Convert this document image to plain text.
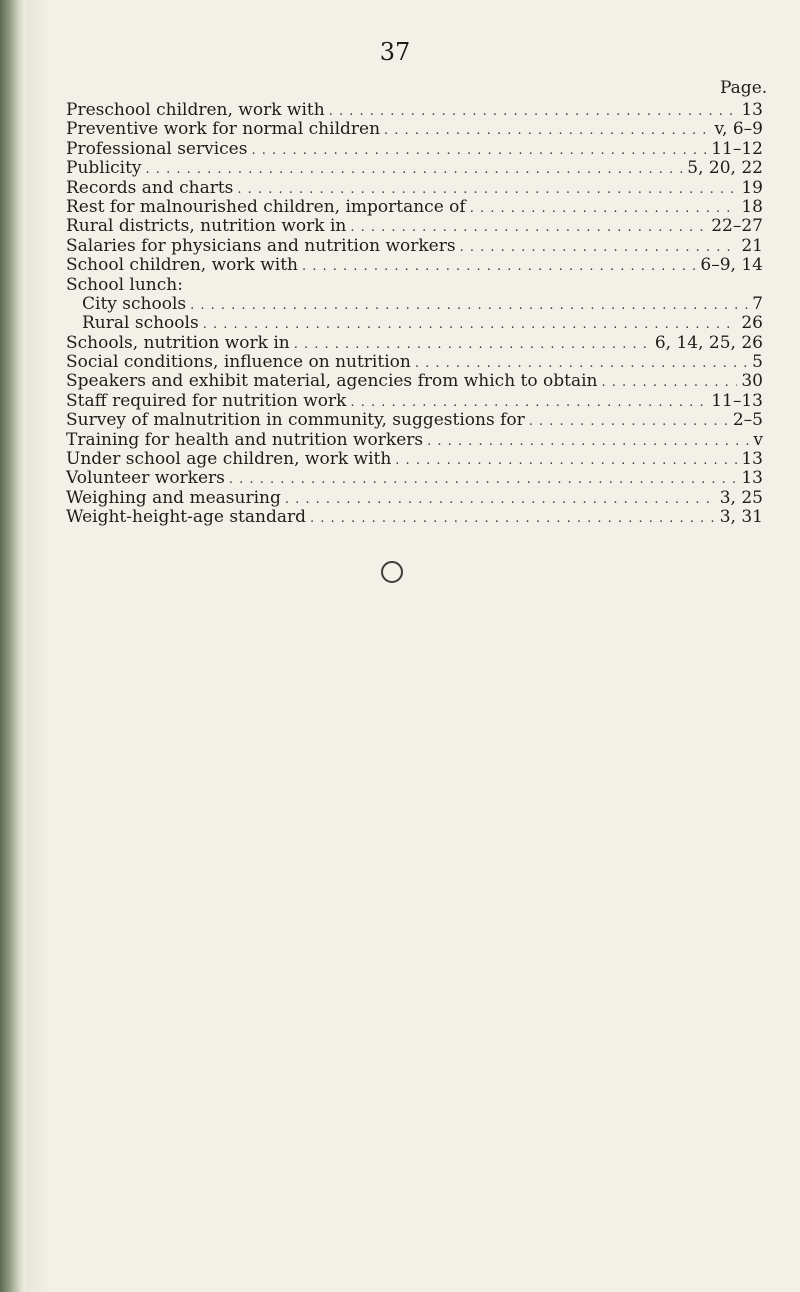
37
Page.
Preschool children, work with . . .	13
Preventive work for normal children . . .	v, 6–9
Professional services . . .	11–12
Publicity . . .	5, 20, 22
Records and charts . . .	19
Rest for malnourished children, importance of . . .	18
Rural districts, nutrition work in . . .	22–27
Salaries for physicians and nutrition workers . . .	21
School children, work with . . .	6–9, 14
School lunch:
City schools . . .	7
Rural schools . . .	26
Schools, nutrition work in . . .	6, 14, 25, 26
Social conditions, influence on nutrition . . .	5
Speakers and exhibit material, agencies from which to obtain . . .	30
Staff required for nutrition work . . .	11–13
Survey of malnutrition in community, suggestions for . . .	2–5
Training for health and nutrition workers . . .	v
Under school age children, work with . . .	13
Volunteer workers . . .	13
Weighing and measuring . . .	3, 25
Weight-height-age standard . . .	3, 31
